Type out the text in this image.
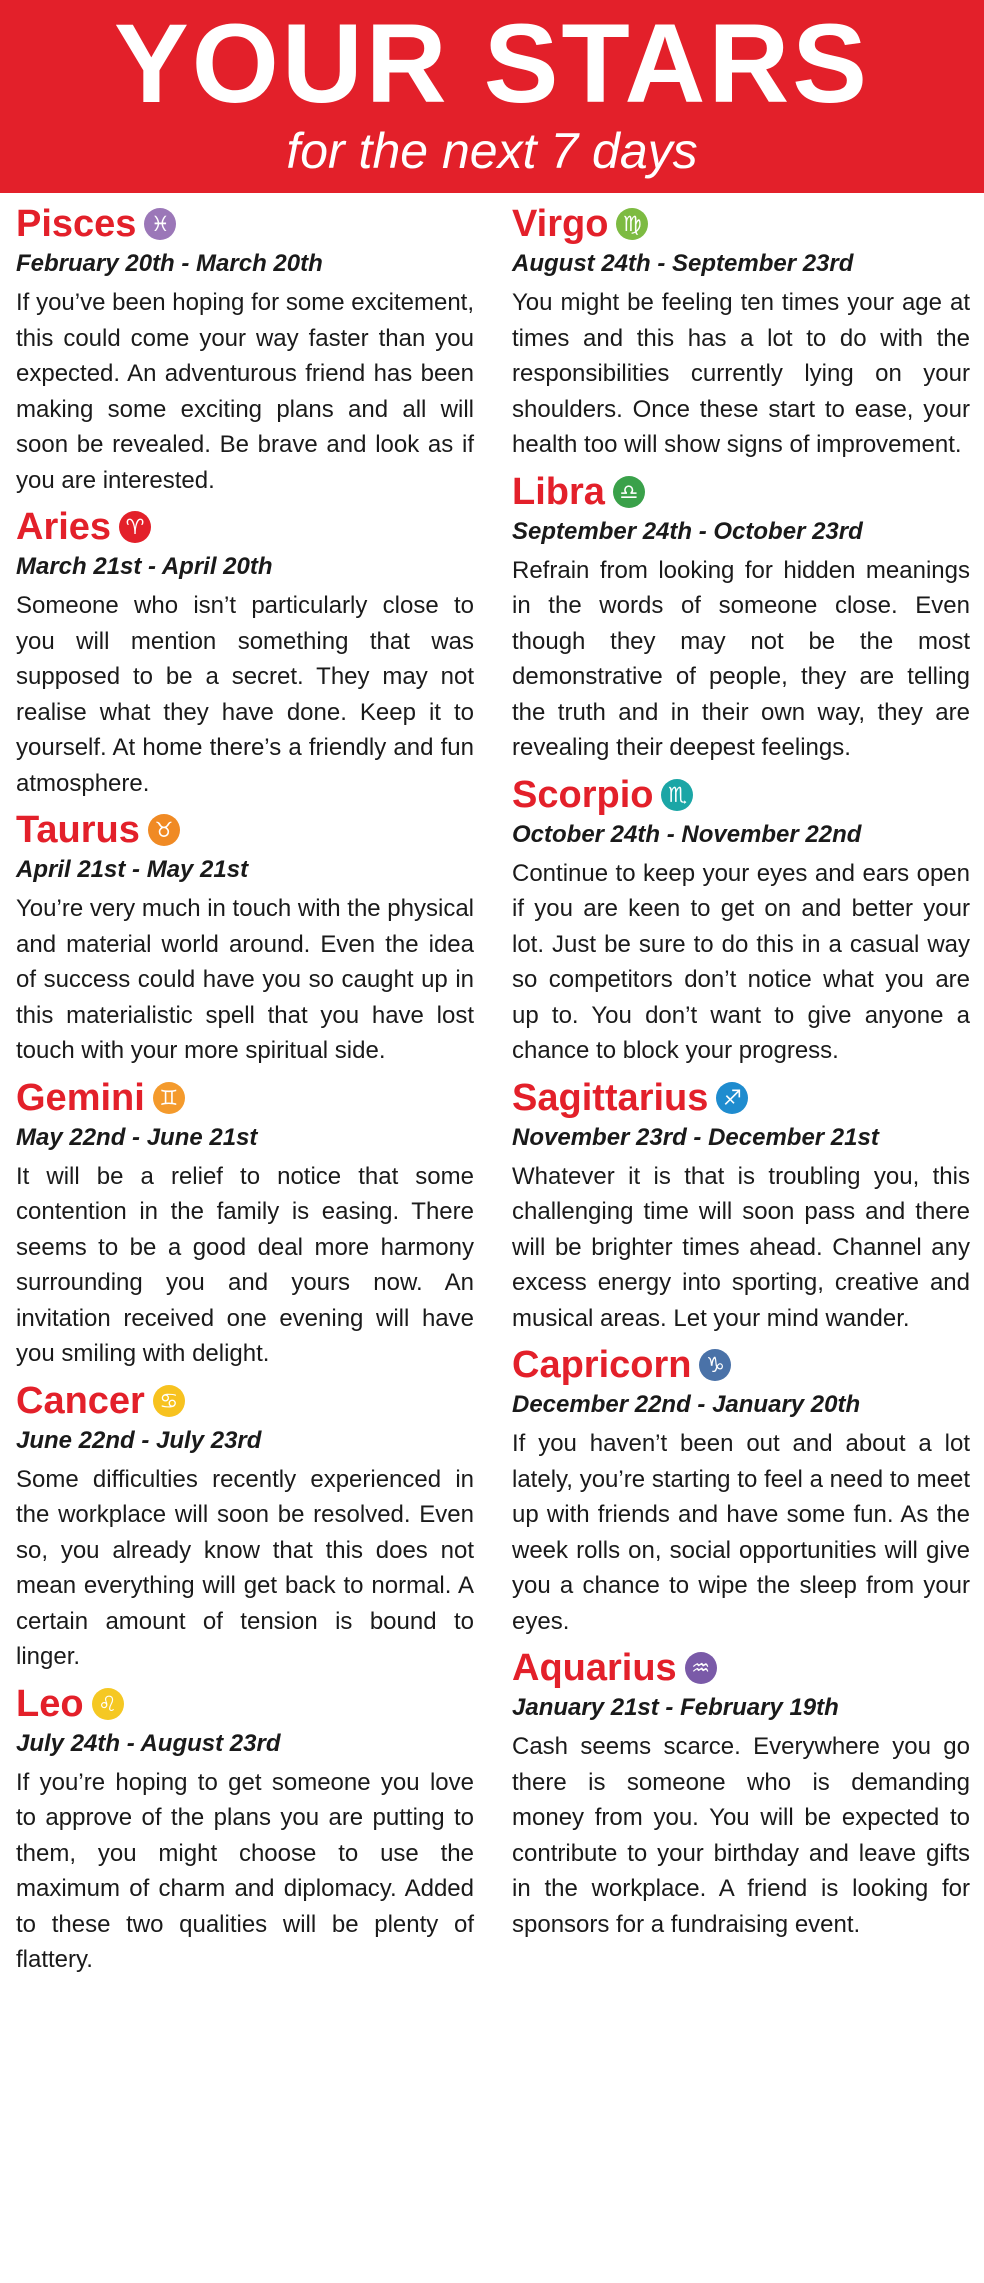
YOUR STARS
for the next 7 days
Pisces ♓
February 20th - March 20th

If you’ve been hoping for some excitement, this could come your way faster than you expected. An adventurous friend has been making some exciting plans and all will soon be revealed. Be brave and look as if you are interested.

Aries ♈
March 21st - April 20th

Someone who isn’t particularly close to you will mention something that was supposed to be a secret. They may not realise what they have done. Keep it to yourself. At home there’s a friendly and fun atmosphere.

Taurus ♉
April 21st - May 21st

You’re very much in touch with the physical and material world around. Even the idea of success could have you so caught up in this materialistic spell that you have lost touch with your more spiritual side.

Gemini ♊
May 22nd - June 21st

It will be a relief to notice that some contention in the family is easing. There seems to be a good deal more harmony surrounding you and yours now. An invitation received one evening will have you smiling with delight.

Cancer ♋
June 22nd - July 23rd

Some difficulties recently experienced in the workplace will soon be resolved. Even so, you already know that this does not mean everything will get back to normal. A certain amount of tension is bound to linger.

Leo ♌
July 24th - August 23rd

If you’re hoping to get someone you love to approve of the plans you are putting to them, you might choose to use the maximum of charm and diplomacy. Added to these two qualities will be plenty of flattery.

Virgo ♍
August 24th - September 23rd

You might be feeling ten times your age at times and this has a lot to do with the responsibilities currently lying on your shoulders. Once these start to ease, your health too will show signs of improvement.

Libra ♎
September 24th - October 23rd

Refrain from looking for hidden meanings in the words of someone close. Even though they may not be the most demonstrative of people, they are telling the truth and in their own way, they are revealing their deepest feelings.

Scorpio ♏
October 24th - November 22nd

Continue to keep your eyes and ears open if you are keen to get on and better your lot. Just be sure to do this in a casual way so competitors don’t notice what you are up to. You don’t want to give anyone a chance to block your progress.

Sagittarius ♐
November 23rd - December 21st

Whatever it is that is troubling you, this challenging time will soon pass and there will be brighter times ahead. Channel any excess energy into sporting, creative and musical areas. Let your mind wander.

Capricorn ♑
December 22nd - January 20th

If you haven’t been out and about a lot lately, you’re starting to feel a need to meet up with friends and have some fun. As the week rolls on, social opportunities will give you a chance to wipe the sleep from your eyes.

Aquarius ♒
January 21st - February 19th

Cash seems scarce. Everywhere you go there is someone who is demanding money from you. You will be expected to contribute to your birthday and leave gifts in the workplace. A friend is looking for sponsors for a fundraising event.
